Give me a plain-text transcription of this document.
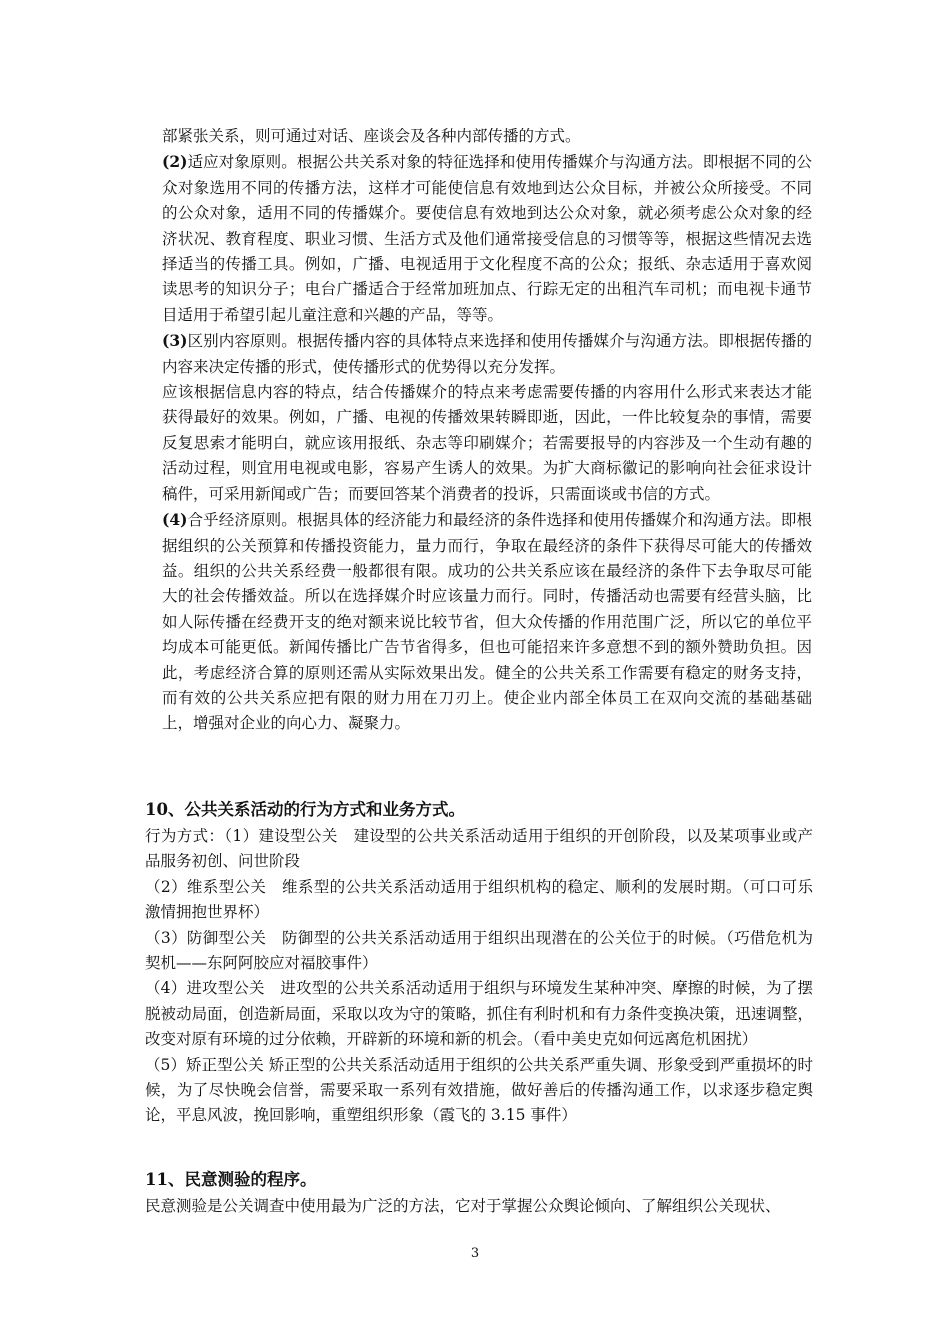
部紧张关系，则可通过对话、座谈会及各种内部传播的方式。

(2)适应对象原则。根据公共关系对象的特征选择和使用传播媒介与沟通方法。即根据不同的公众对象选用不同的传播方法，这样才可能使信息有效地到达公众目标，并被公众所接受。不同的公众对象，适用不同的传播媒介。要使信息有效地到达公众对象，就必须考虑公众对象的经济状况、教育程度、职业习惯、生活方式及他们通常接受信息的习惯等等，根据这些情况去选择适当的传播工具。例如，广播、电视适用于文化程度不高的公众；报纸、杂志适用于喜欢阅读思考的知识分子；电台广播适合于经常加班加点、行踪无定的出租汽车司机；而电视卡通节目适用于希望引起儿童注意和兴趣的产品，等等。

(3)区别内容原则。根据传播内容的具体特点来选择和使用传播媒介与沟通方法。即根据传播的内容来决定传播的形式，使传播形式的优势得以充分发挥。

应该根据信息内容的特点，结合传播媒介的特点来考虑需要传播的内容用什么形式来表达才能获得最好的效果。例如，广播、电视的传播效果转瞬即逝，因此，一件比较复杂的事情，需要反复思索才能明白，就应该用报纸、杂志等印刷媒介；若需要报导的内容涉及一个生动有趣的活动过程，则宜用电视或电影，容易产生诱人的效果。为扩大商标徽记的影响向社会征求设计稿件，可采用新闻或广告；而要回答某个消费者的投诉，只需面谈或书信的方式。

(4)合乎经济原则。根据具体的经济能力和最经济的条件选择和使用传播媒介和沟通方法。即根据组织的公关预算和传播投资能力，量力而行，争取在最经济的条件下获得尽可能大的传播效益。组织的公共关系经费一般都很有限。成功的公共关系应该在最经济的条件下去争取尽可能大的社会传播效益。所以在选择媒介时应该量力而行。同时，传播活动也需要有经营头脑，比如人际传播在经费开支的绝对额来说比较节省，但大众传播的作用范围广泛，所以它的单位平均成本可能更低。新闻传播比广告节省得多，但也可能招来许多意想不到的额外赞助负担。因此，考虑经济合算的原则还需从实际效果出发。健全的公共关系工作需要有稳定的财务支持，而有效的公共关系应把有限的财力用在刀刃上。使企业内部全体员工在双向交流的基础基础上，增强对企业的向心力、凝聚力。

10、公共关系活动的行为方式和业务方式。

行为方式：（1）建设型公关　建设型的公共关系活动适用于组织的开创阶段，以及某项事业或产品服务初创、问世阶段

（2）维系型公关　维系型的公共关系活动适用于组织机构的稳定、顺利的发展时期。（可口可乐激情拥抱世界杯）

（3）防御型公关　防御型的公共关系活动适用于组织出现潜在的公关位于的时候。（巧借危机为契机——东阿阿胶应对福胶事件）

（4）进攻型公关　进攻型的公共关系活动适用于组织与环境发生某种冲突、摩擦的时候，为了摆脱被动局面，创造新局面，采取以攻为守的策略，抓住有利时机和有力条件变换决策，迅速调整，改变对原有环境的过分依赖，开辟新的环境和新的机会。（看中美史克如何远离危机困扰）

（5）矫正型公关 矫正型的公共关系活动适用于组织的公共关系严重失调、形象受到严重损坏的时候，为了尽快晚会信誉，需要采取一系列有效措施，做好善后的传播沟通工作，以求逐步稳定舆论，平息风波，挽回影响，重塑组织形象（霞飞的 3.15 事件）

11、民意测验的程序。

民意测验是公关调查中使用最为广泛的方法，它对于掌握公众舆论倾向、了解组织公关现状、

3
